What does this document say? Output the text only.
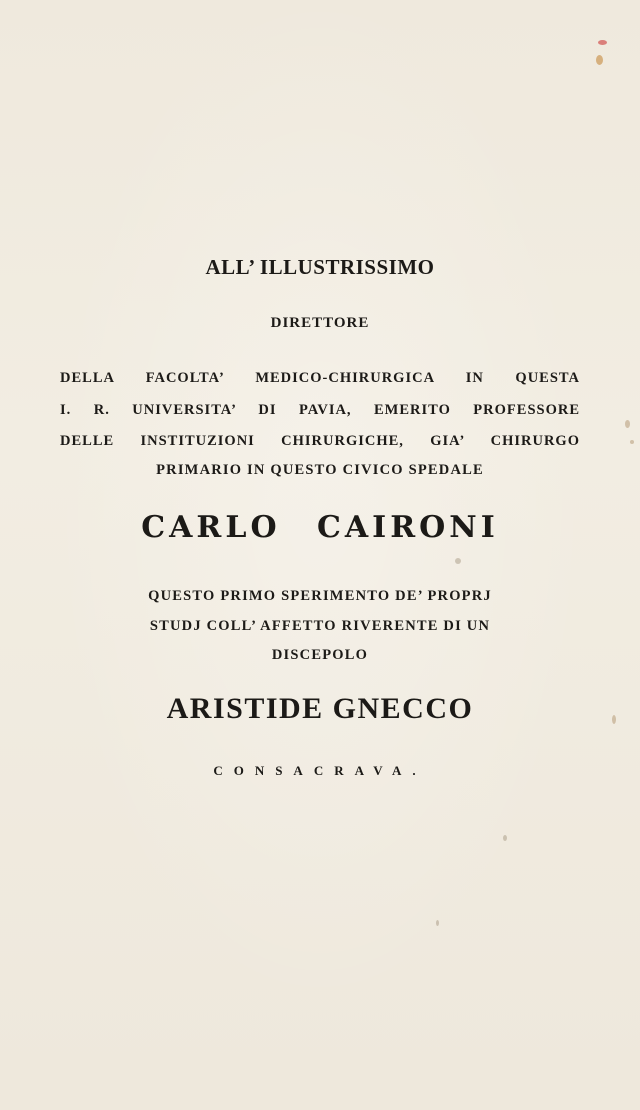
ALL’ ILLUSTRISSIMO
DIRETTORE
DELLA FACOLTA’ MEDICO-CHIRURGICA IN QUESTA
I. R. UNIVERSITA’ DI PAVIA, EMERITO PROFESSORE
DELLE INSTITUZIONI CHIRURGICHE, GIA’ CHIRURGO
PRIMARIO IN QUESTO CIVICO SPEDALE
CARLO CAIRONI
QUESTO PRIMO SPERIMENTO DE’ PROPRJ
STUDJ COLL’ AFFETTO RIVERENTE DI UN
DISCEPOLO
ARISTIDE GNECCO
CONSACRAVA.
